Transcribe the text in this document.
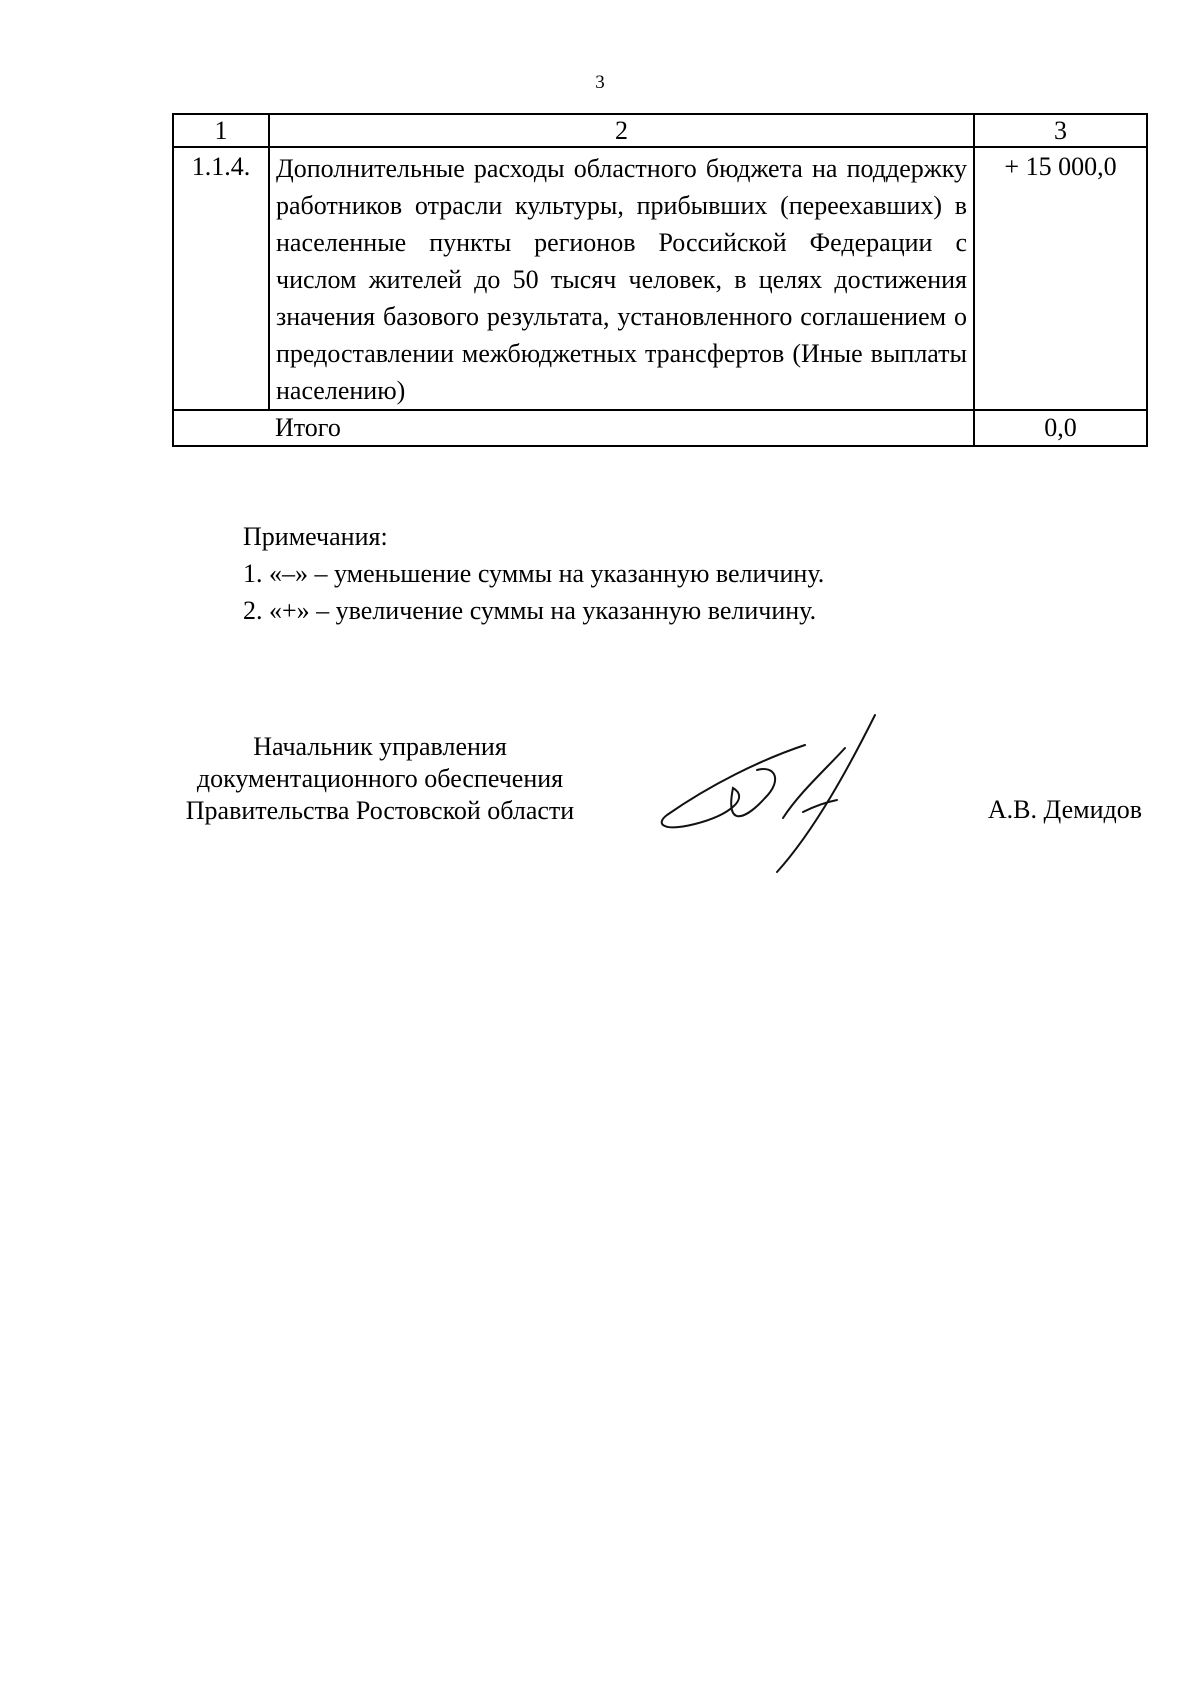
3
1	2	3
1.1.4.	Дополнительные расходы областного бюджета на поддержку работников отрасли культуры, прибывших (переехавших) в населенные пункты регионов Российской Федерации с числом жителей до 50 тысяч человек, в целях достижения значения базового результата, установленного соглашением о предоставлении межбюджетных трансфертов (Иные выплаты населению)	+ 15 000,0
	Итого	0,0
Примечания:
1. «–» – уменьшение суммы на указанную величину.
2. «+» – увеличение суммы на указанную величину.
Начальник управления
документационного обеспечения
Правительства Ростовской области	А.В. Демидов
